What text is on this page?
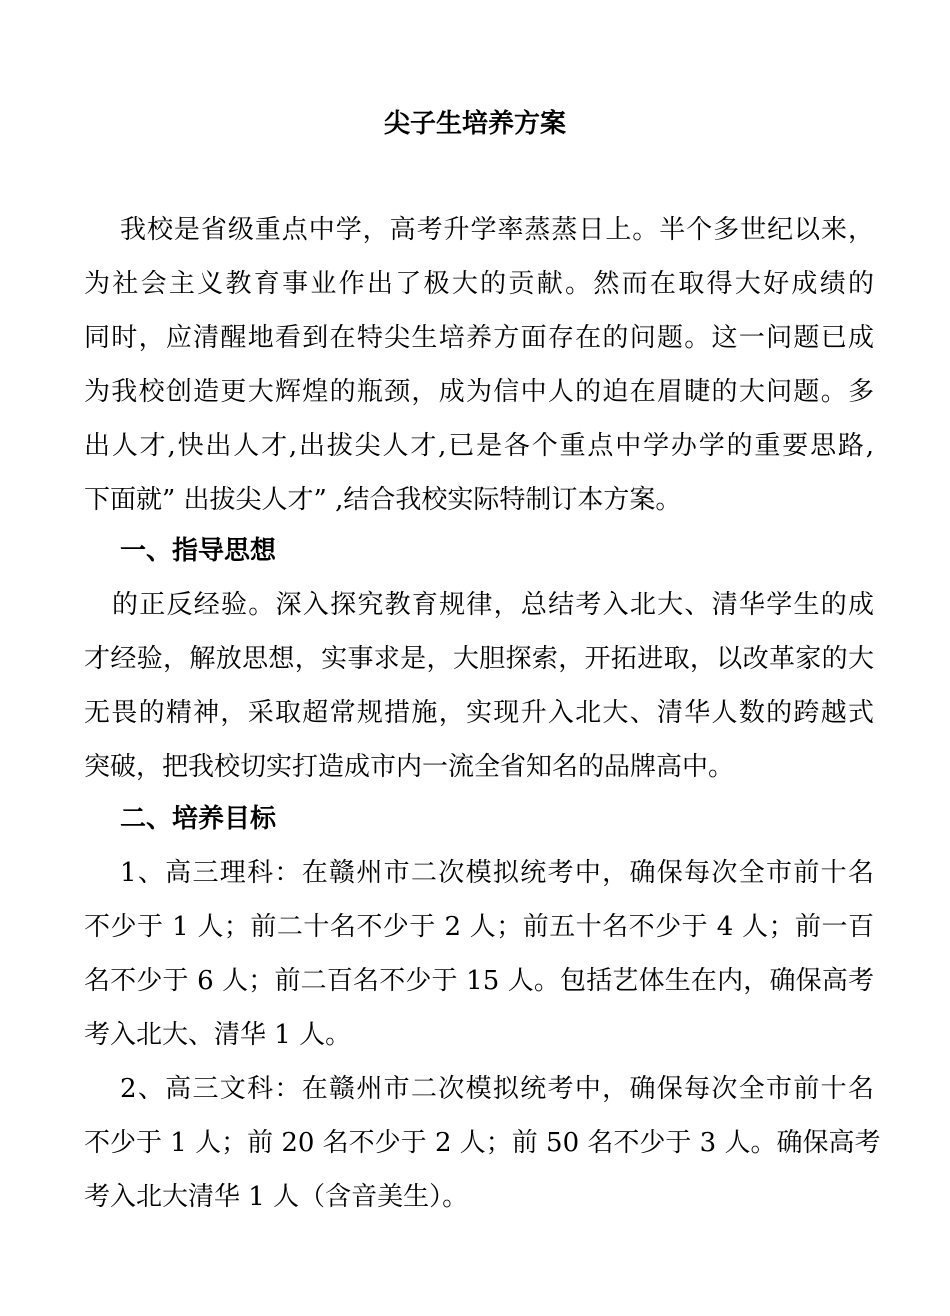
尖子生培养方案
我校是省级重点中学，高考升学率蒸蒸日上。半个多世纪以来，
为社会主义教育事业作出了极大的贡献。然而在取得大好成绩的
同时，应清醒地看到在特尖生培养方面存在的问题。这一问题已成
为我校创造更大辉煌的瓶颈，成为信中人的迫在眉睫的大问题。多
出人才,快出人才,出拔尖人才,已是各个重点中学办学的重要思路,
下面就” 出拔尖人才” ,结合我校实际特制订本方案。
一、指导思想
的正反经验。深入探究教育规律，总结考入北大、清华学生的成
才经验，解放思想，实事求是，大胆探索，开拓进取，以改革家的大
无畏的精神，采取超常规措施，实现升入北大、清华人数的跨越式
突破，把我校切实打造成市内一流全省知名的品牌高中。
二、培养目标
1、高三理科：在赣州市二次模拟统考中，确保每次全市前十名
不少于 1 人；前二十名不少于 2 人；前五十名不少于 4 人；前一百
名不少于 6 人；前二百名不少于 15 人。包括艺体生在内，确保高考
考入北大、清华 1 人。
2、高三文科：在赣州市二次模拟统考中，确保每次全市前十名
不少于 1 人；前 20 名不少于 2 人；前 50 名不少于 3 人。确保高考
考入北大清华 1 人（含音美生）。
